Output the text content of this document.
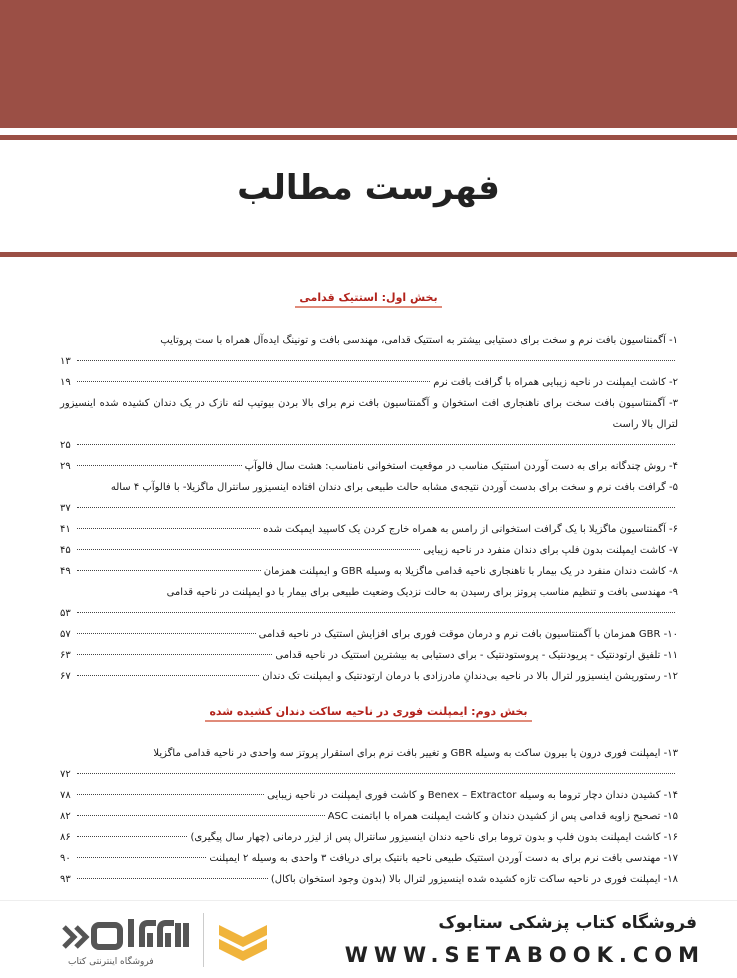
فهرست مطالب
بخش اول: استتیک قدامی
۱- آگمنتاسیون بافت نرم و سخت برای دستیابی بیشتر به استتیک قدامی، مهندسی بافت و تونینگ ایده‌آل همراه با ست پروتایپ
۱۳
۲- کاشت ایمپلنت در ناحیه زیبایی همراه با گرافت بافت نرم
۱۹
۳- آگمنتاسیون بافت سخت برای ناهنجاری افت استخوان و آگمنتاسیون بافت نرم برای بالا بردن بیوتیپ لثه نازک در یک دندان کشیده شده اینسیزور لترال بالا راست
۲۵
۴- روش چندگانه برای به دست آوردن استتیک مناسب در موقعیت استخوانی نامناسب: هشت سال فالوآپ
۲۹
۵- گرافت بافت نرم و سخت برای بدست آوردن نتیجه‌ی مشابه حالت طبیعی برای دندان افتاده اینسیزور سانترال ماگزیلا- با فالوآپ ۴ ساله
۳۷
۶- آگمنتاسیون ماگزیلا با یک گرافت استخوانی از رامس به همراه خارج کردن یک کاسپید ایمپکت شده
۴۱
۷- کاشت ایمپلنت بدون فلپ برای دندان منفرد در ناحیه زیبایی
۴۵
۸- کاشت دندان منفرد در یک بیمار با ناهنجاری ناحیه قدامی ماگزیلا به وسیله GBR و ایمپلنت همزمان
۴۹
۹- مهندسی بافت و تنظیم مناسب پروتز برای رسیدن به حالت نزدیک وضعیت طبیعی برای بیمار با دو ایمپلنت در ناحیه قدامی
۵۳
۱۰- GBR همزمان با آگمنتاسیون بافت نرم و درمان موقت فوری برای افزایش استتیک در ناحیه قدامی
۵۷
۱۱- تلفیق ارتودنتیک - پریودنتیک - پروستودنتیک - برای دستیابی به بیشترین استتیک در ناحیه قدامی
۶۳
۱۲- رستوریشن اینسیزور لترال بالا در ناحیه بی‌دندانِ مادرزادی با درمان ارتودنتیک و ایمپلنت تک دندان
۶۷
بخش دوم: ایمپلنت فوری در ناحیه ساکت دندان کشیده شده
۱۳- ایمپلنت فوری درون یا بیرون ساکت به وسیله GBR و تغییر بافت نرم برای استقرار پروتز سه واحدی در ناحیه قدامی ماگزیلا
۷۲
۱۴- کشیدن دندان دچار تروما به وسیله Benex – Extractor و کاشت فوری ایمپلنت در ناحیه زیبایی
۷۸
۱۵- تصحیح زاویه قدامی پس از کشیدن دندان و کاشت ایمپلنت همراه با اباتمنت ASC
۸۲
۱۶- کاشت ایمپلنت بدون فلپ و بدون تروما برای ناحیه دندان اینسیزور سانترال پس از لیزر درمانی (چهار سال پیگیری)
۸۶
۱۷- مهندسی بافت نرم برای به دست آوردن استتیک طبیعی ناحیه بانتیک برای دریافت ۳ واحدی به وسیله ۲ ایمپلنت
۹۰
۱۸- ایمپلنت فوری در ناحیه ساکت تازه کشیده شده اینسیزور لترال بالا (بدون وجود استخوان باکال)
۹۳
فروشگاه کتاب پزشکی ستابوک
WWW.SETABOOK.COM
فروشگاه اینترنتی کتاب
